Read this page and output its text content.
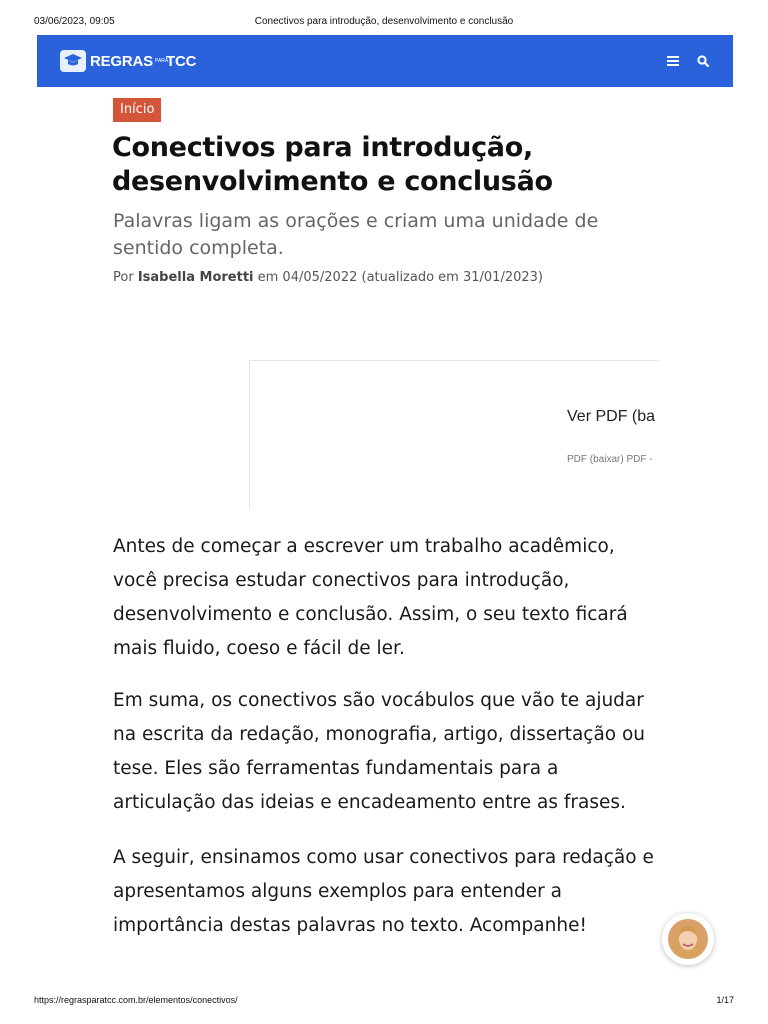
03/06/2023, 09:05	Conectivos para introdução, desenvolvimento e conclusão
REGRAS PARA
TCC
Início
Conectivos para introdução, desenvolvimento e conclusão

Palavras ligam as orações e criam uma unidade de sentido completa.

Por Isabella Moretti em 04/05/2022 (atualizado em 31/01/2023)
Ver PDF (ba
PDF (baixar) PDF -

Antes de começar a escrever um trabalho acadêmico, você precisa estudar conectivos para introdução, desenvolvimento e conclusão. Assim, o seu texto ficará mais fluido, coeso e fácil de ler.

Em suma, os conectivos são vocábulos que vão te ajudar na escrita da redação, monografia, artigo, dissertação ou tese. Eles são ferramentas fundamentais para a articulação das ideias e encadeamento entre as frases.

A seguir, ensinamos como usar conectivos para redação e apresentamos alguns exemplos para entender a importância destas palavras no texto. Acompanhe!

https://regrasparatcc.com.br/elementos/conectivos/	1/17
